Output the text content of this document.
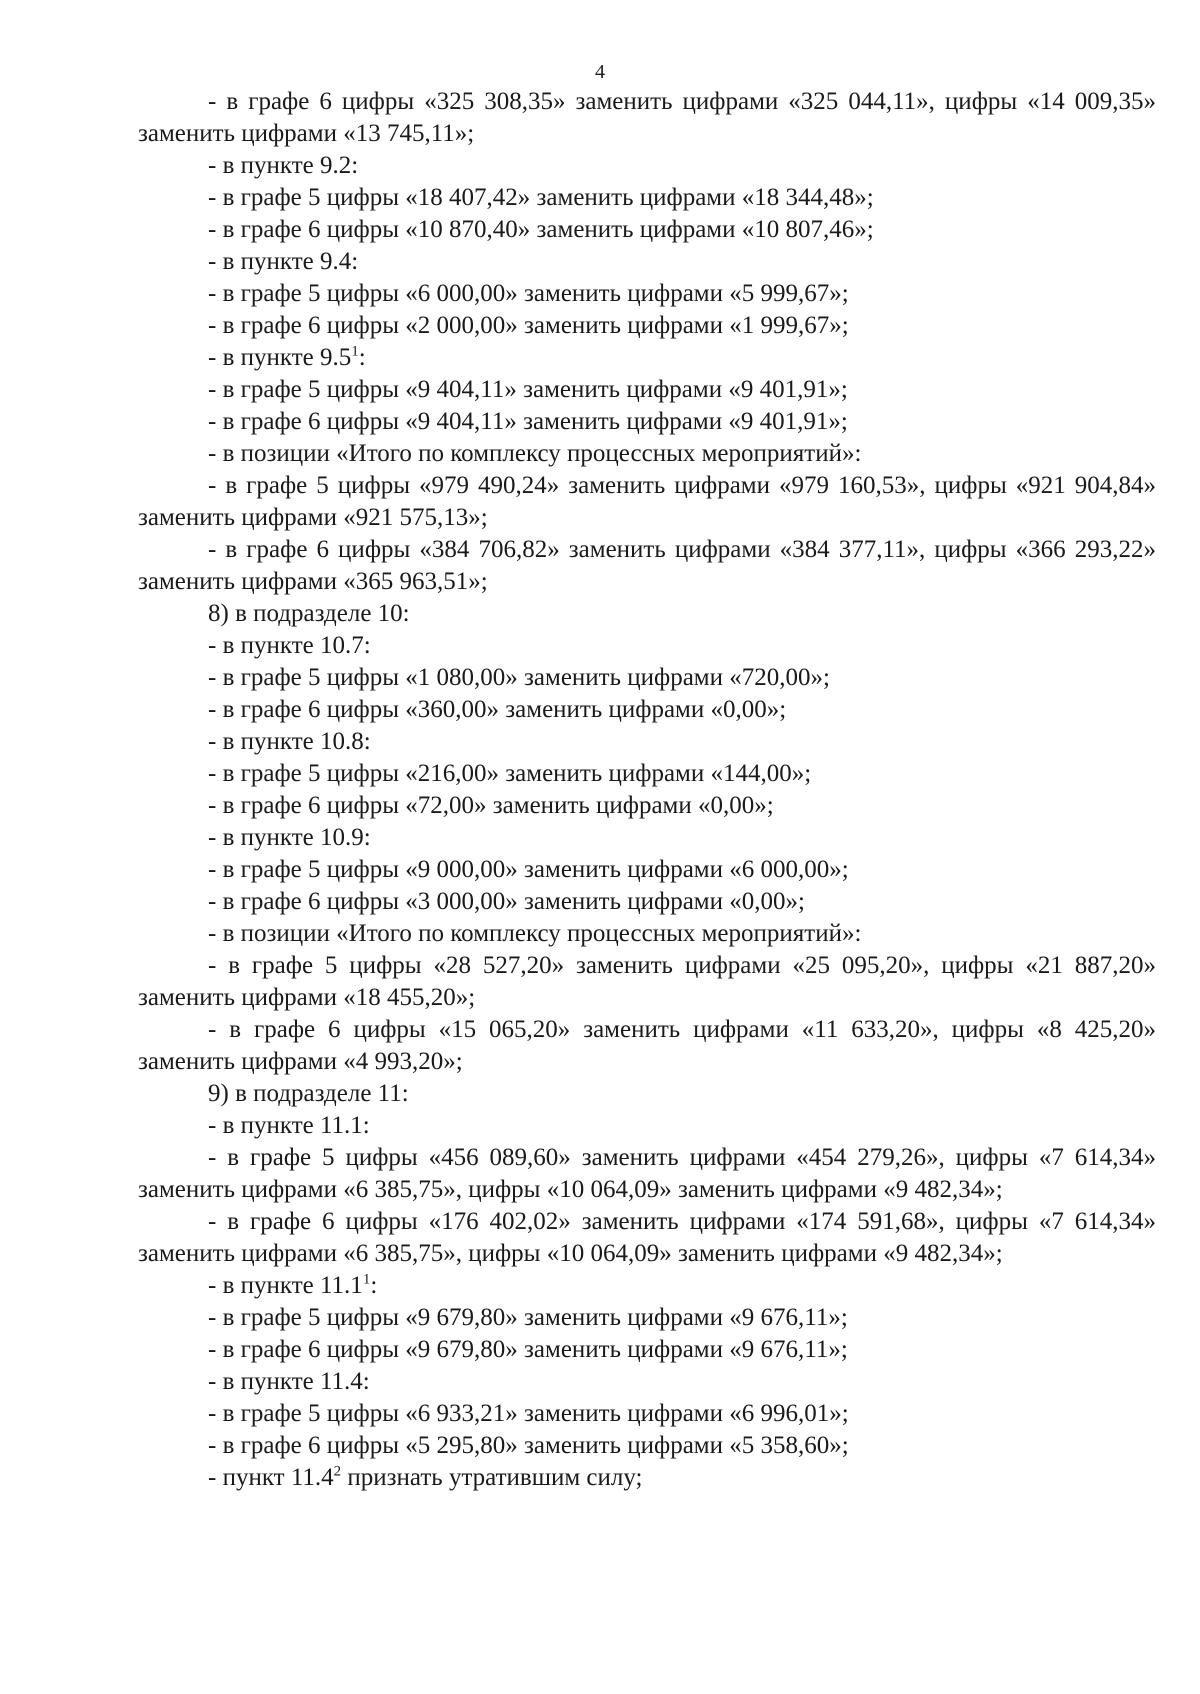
4

- в графе 6 цифры «325 308,35» заменить цифрами «325 044,11», цифры «14 009,35» заменить цифрами «13 745,11»;

- в пункте 9.2:

- в графе 5 цифры «18 407,42» заменить цифрами «18 344,48»;

- в графе 6 цифры «10 870,40» заменить цифрами «10 807,46»;

- в пункте 9.4:

- в графе 5 цифры «6 000,00» заменить цифрами «5 999,67»;

- в графе 6 цифры «2 000,00» заменить цифрами «1 999,67»;

- в пункте $9.5^1$:

- в графе 5 цифры «9 404,11» заменить цифрами «9 401,91»;

- в графе 6 цифры «9 404,11» заменить цифрами «9 401,91»;

- в позиции «Итого по комплексу процессных мероприятий»:

- в графе 5 цифры «979 490,24» заменить цифрами «979 160,53», цифры «921 904,84» заменить цифрами «921 575,13»;

- в графе 6 цифры «384 706,82» заменить цифрами «384 377,11», цифры «366 293,22» заменить цифрами «365 963,51»;

8) в подразделе 10:

- в пункте 10.7:

- в графе 5 цифры «1 080,00» заменить цифрами «720,00»;

- в графе 6 цифры «360,00» заменить цифрами «0,00»;

- в пункте 10.8:

- в графе 5 цифры «216,00» заменить цифрами «144,00»;

- в графе 6 цифры «72,00» заменить цифрами «0,00»;

- в пункте 10.9:

- в графе 5 цифры «9 000,00» заменить цифрами «6 000,00»;

- в графе 6 цифры «3 000,00» заменить цифрами «0,00»;

- в позиции «Итого по комплексу процессных мероприятий»:

- в графе 5 цифры «28 527,20» заменить цифрами «25 095,20», цифры «21 887,20» заменить цифрами «18 455,20»;

- в графе 6 цифры «15 065,20» заменить цифрами «11 633,20», цифры «8 425,20» заменить цифрами «4 993,20»;

9) в подразделе 11:

- в пункте 11.1:

- в графе 5 цифры «456 089,60» заменить цифрами «454 279,26», цифры «7 614,34» заменить цифрами «6 385,75», цифры «10 064,09» заменить цифрами «9 482,34»;

- в графе 6 цифры «176 402,02» заменить цифрами «174 591,68», цифры «7 614,34» заменить цифрами «6 385,75», цифры «10 064,09» заменить цифрами «9 482,34»;

- в пункте 11.1$^1$:

- в графе 5 цифры «9 679,80» заменить цифрами «9 676,11»;

- в графе 6 цифры «9 679,80» заменить цифрами «9 676,11»;

- в пункте 11.4:

- в графе 5 цифры «6 933,21» заменить цифрами «6 996,01»;

- в графе 6 цифры «5 295,80» заменить цифрами «5 358,60»;

- пункт 11.4$^2$ признать утратившим силу;
